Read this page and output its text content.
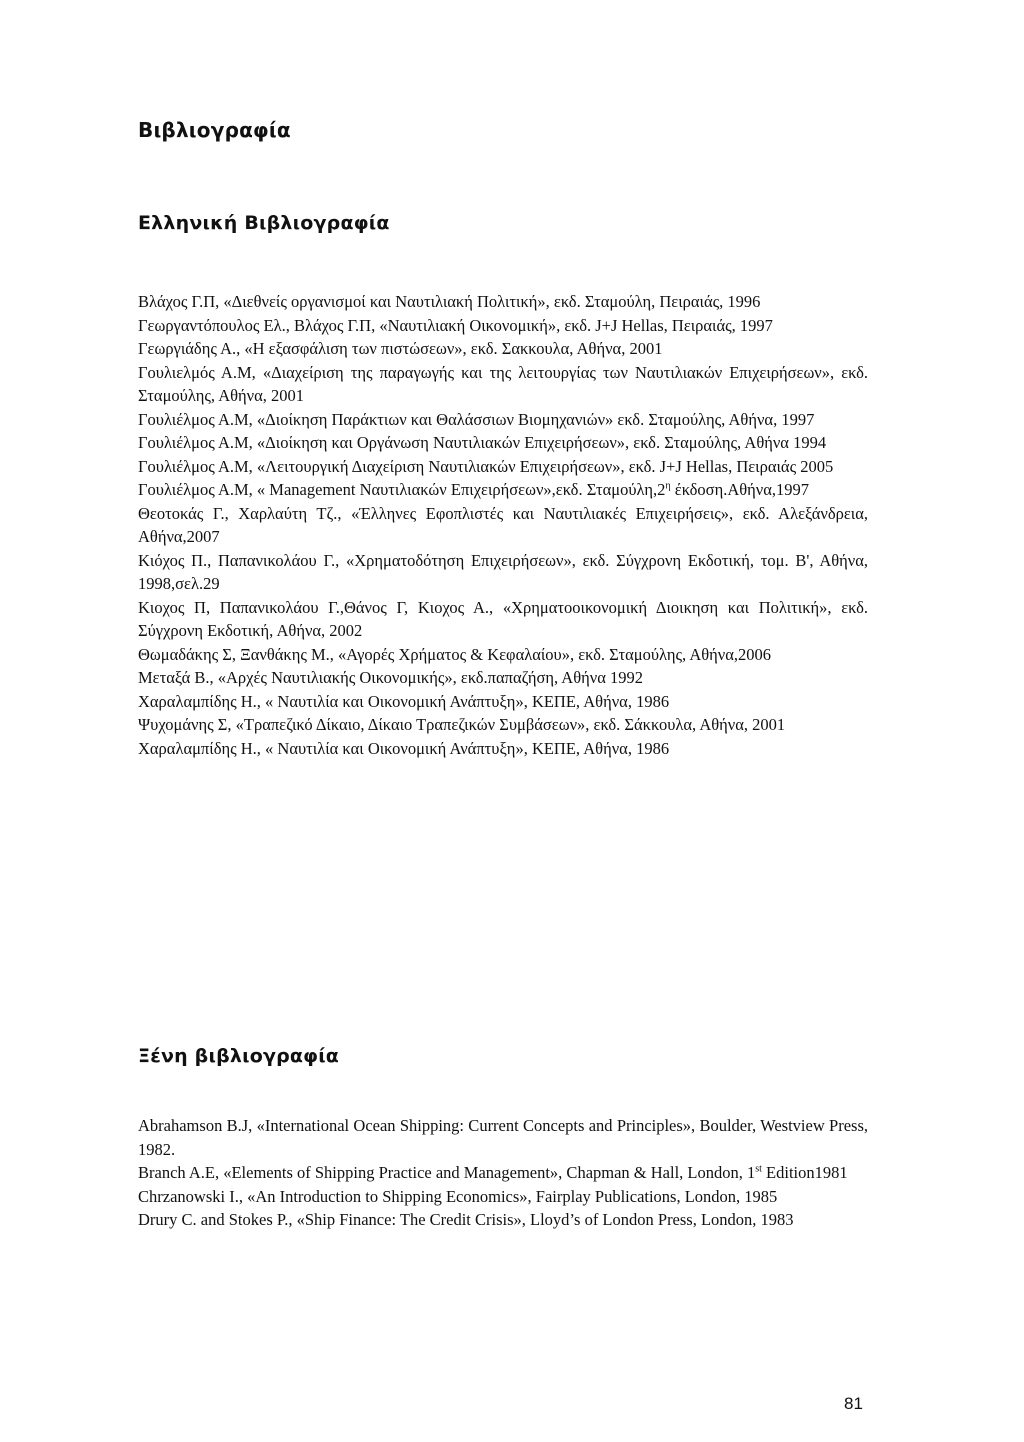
Βιβλιογραφία
Ελληνική Βιβλιογραφία

Βλάχος Γ.Π, «Διεθνείς οργανισμοί και Ναυτιλιακή Πολιτική», εκδ. Σταμούλη, Πειραιάς, 1996

Γεωργαντόπουλος Ελ., Βλάχος Γ.Π, «Ναυτιλιακή Οικονομική», εκδ. J+J Hellas, Πειραιάς, 1997

Γεωργιάδης Α., «Η εξασφάλιση των πιστώσεων», εκδ. Σακκουλα, Αθήνα, 2001

Γουλιελμός Α.Μ, «Διαχείριση της παραγωγής και της λειτουργίας των Ναυτιλιακών Επιχειρήσεων», εκδ. Σταμούλης, Αθήνα, 2001

Γουλιέλμος Α.Μ, «Διοίκηση Παράκτιων και Θαλάσσιων Βιομηχανιών» εκδ. Σταμούλης, Αθήνα, 1997

Γουλιέλμος Α.Μ, «Διοίκηση και Οργάνωση Ναυτιλιακών Επιχειρήσεων», εκδ. Σταμούλης, Αθήνα 1994

Γουλιέλμος Α.Μ, «Λειτουργική Διαχείριση Ναυτιλιακών Επιχειρήσεων», εκδ. J+J Hellas, Πειραιάς 2005

Γουλιέλμος Α.Μ, « Management Ναυτιλιακών Επιχειρήσεων»,εκδ. $\Sigma\tau\alpha\mu oύ\lambda\eta,2^\eta$ έκδοση.Αθήνα,1997

Θεοτοκάς Γ., Χαρλαύτη Τζ., «Έλληνες Εφοπλιστές και Ναυτιλιακές Επιχειρήσεις», εκδ. Αλεξάνδρεια, Αθήνα,2007

Κιόχος Π., Παπανικολάου Γ., «Χρηματοδότηση Επιχειρήσεων», εκδ. Σύγχρονη Εκδοτική, τομ. Β', Αθήνα, 1998,σελ.29

Κιοχος Π, Παπανικολάου Γ.,Θάνος Γ, Κιοχος Α., «Χρηματοοικονομική Διοικηση και Πολιτική», εκδ. Σύγχρονη Εκδοτική, Αθήνα, 2002

Θωμαδάκης Σ, Ξανθάκης Μ., «Αγορές Χρήματος & Κεφαλαίου», εκδ. Σταμούλης, Αθήνα,2006

Μεταξά Β., «Αρχές Ναυτιλιακής Οικονομικής», εκδ.παπαζήση, Αθήνα 1992

Χαραλαμπίδης Η., « Ναυτιλία και Οικονομική Ανάπτυξη», ΚΕΠΕ, Αθήνα, 1986

Ψυχομάνης Σ, «Τραπεζικό Δίκαιο, Δίκαιο Τραπεζικών Συμβάσεων», εκδ. Σάκκουλα, Αθήνα, 2001

Χαραλαμπίδης Η., « Ναυτιλία και Οικονομική Ανάπτυξη», ΚΕΠΕ, Αθήνα, 1986

Ξένη βιβλιογραφία

Abrahamson B.J, «International Ocean Shipping: Current Concepts and Principles», Boulder, Westview Press, 1982.

Branch A.E, «Elements of Shipping Practice and Management», Chapman & Hall, London, 1st Edition1981

Chrzanowski I., «An Introduction to Shipping Economics», Fairplay Publications, London, 1985

Drury C. and Stokes P., «Ship Finance: The Credit Crisis», Lloyd’s of London Press, London, 1983

81
